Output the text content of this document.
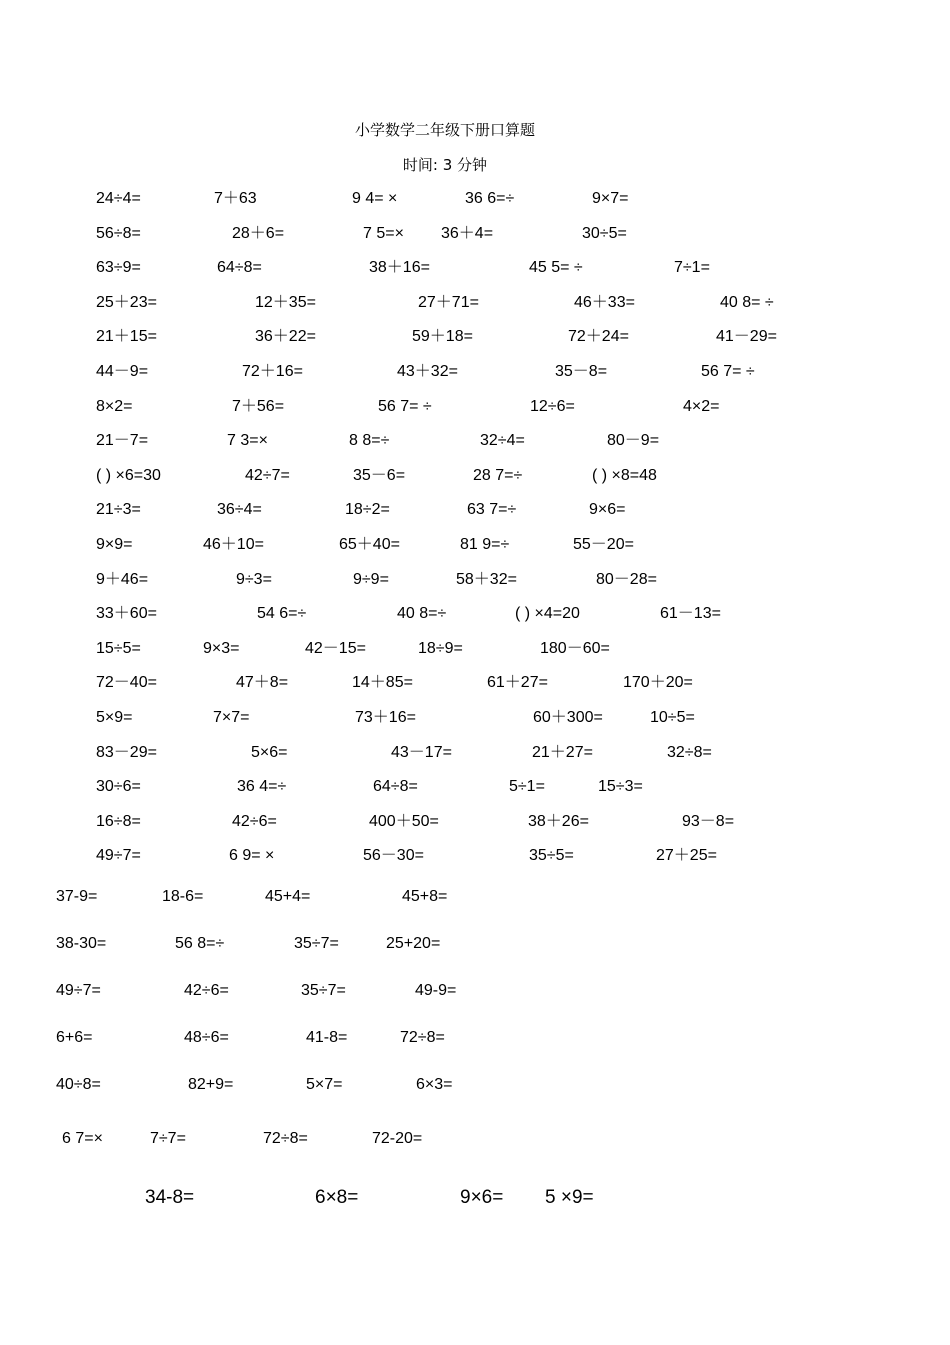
小学数学二年级下册口算题
时间: 3 分钟
24÷4=	7＋63	9 4= ×	36 6=÷	9×7=
56÷8=	28＋6=	7 5=× 36＋4=	30÷5=
63÷9=	64÷8=	38＋16=	45 5= ÷	7÷1=
25＋23=	12＋35=	27＋71=	46＋33=	40 8= ÷
21＋15=	36＋22=	59＋18=	72＋24=	41－29=
44－9=	72＋16=	43＋32=	35－8=	56 7= ÷
8×2=	7＋56=	56 7= ÷	12÷6=	4×2=
21－7=	7 3=×	8 8=÷	32÷4=	80－9=
( ) ×6=30	42÷7=	35－6=	28 7=÷	( ) ×8=48
21÷3=	36÷4=	18÷2=	63 7=÷	9×6=
9×9=	46＋10=	65＋40=	81 9=÷	55－20=
9＋46=	9÷3=	9÷9=	58＋32=	80－28=
33＋60=	54 6=÷	40 8=÷	( ) ×4=20	61－13=
15÷5=	9×3=	42－15=	18÷9=	180－60=
72－40=	47＋8=	14＋85=	61＋27=	170＋20=
5×9=	7×7=	73＋16=	60＋300=	10÷5=
83－29=	5×6=	43－17=	21＋27=	32÷8=
30÷6=	36 4=÷	64÷8=	5÷1=	15÷3=
16÷8=	42÷6=	400＋50=	38＋26=	93－8=
49÷7=	6 9= ×	56－30=	35÷5=	27＋25=
37-9=	18-6=	45+4=	45+8=
38-30=	56 8=÷	35÷7=	25+20=
49÷7=	42÷6=	35÷7=	49-9=
6+6=	48÷6=	41-8=	72÷8=
40÷8=	82+9=	5×7=	6×3=
6 7=×	7÷7=	72÷8=	72-20=
34-8=	6×8=	9×6= 5 ×9=
